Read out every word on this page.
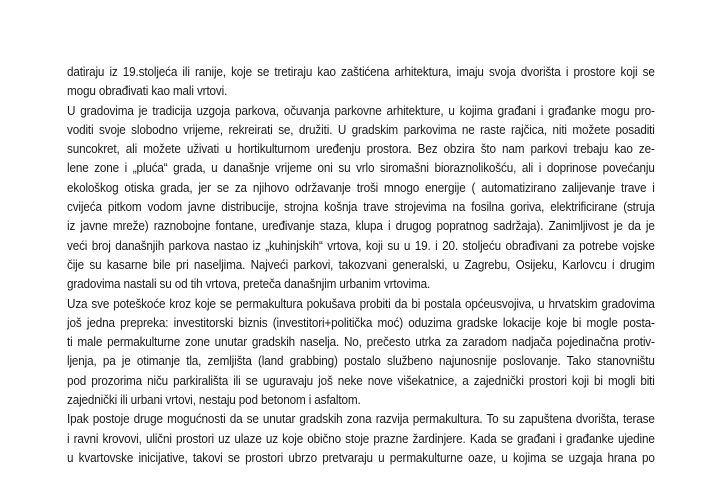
datiraju iz 19.stoljeća ili ranije, koje se tretiraju kao zaštićena arhitektura, imaju svoja dvorišta i prostore koji se
mogu obrađivati kao mali vrtovi.
U gradovima je tradicija uzgoja parkova, očuvanja parkovne arhitekture, u kojima građani i građanke mogu pro-
voditi svoje slobodno vrijeme, rekreirati se, družiti. U gradskim parkovima ne raste rajčica, niti možete posaditi
suncokret, ali možete uživati u hortikulturnom uređenju prostora. Bez obzira što nam parkovi trebaju kao ze-
lene zone i „pluća“ grada, u današnje vrijeme oni su vrlo siromašni bioraznolikošću, ali i doprinose povećanju
ekološkog otiska grada, jer se za njihovo održavanje troši mnogo energije ( automatizirano zalijevanje trave i
cvijeća pitkom vodom javne distribucije, strojna košnja trave strojevima na fosilna goriva, elektrificirane (struja
iz javne mreže) raznobojne fontane, uređivanje staza, klupa i drugog popratnog sadržaja). Zanimljivost je da je
veći broj današnjih parkova nastao iz „kuhinjskih“ vrtova, koji su u 19. i 20. stoljeću obrađivani za potrebe vojske
čije su kasarne bile pri naseljima. Najveći parkovi, takozvani generalski, u Zagrebu, Osijeku, Karlovcu i drugim
gradovima nastali su od tih vrtova, preteča današnjim urbanim vrtovima.
Uza sve poteškoće kroz koje se permakultura pokušava probiti da bi postala općeusvojiva, u hrvatskim gradovima
još jedna prepreka: investitorski biznis (investitori+politička moć) oduzima gradske lokacije koje bi mogle posta-
ti male permakulturne zone unutar gradskih naselja. No, prečesto utrka za zaradom nadjača pojedinačna protiv-
ljenja, pa je otimanje tla, zemljišta (land grabbing) postalo službeno najunosnije poslovanje. Tako stanovništu
pod prozorima niču parkirališta ili se uguravaju još neke nove višekatnice, a zajednički prostori koji bi mogli biti
zajednički ili urbani vrtovi, nestaju pod betonom i asfaltom.
Ipak postoje druge mogućnosti da se unutar gradskih zona razvija permakultura. To su zapuštena dvorišta, terase
i ravni krovovi, ulični prostori uz ulaze uz koje obično stoje prazne žardinjere. Kada se građani i građanke ujedine
u kvartovske inicijative, takovi se prostori ubrzo pretvaraju u permakulturne oaze, u kojima se uzgaja hrana po
